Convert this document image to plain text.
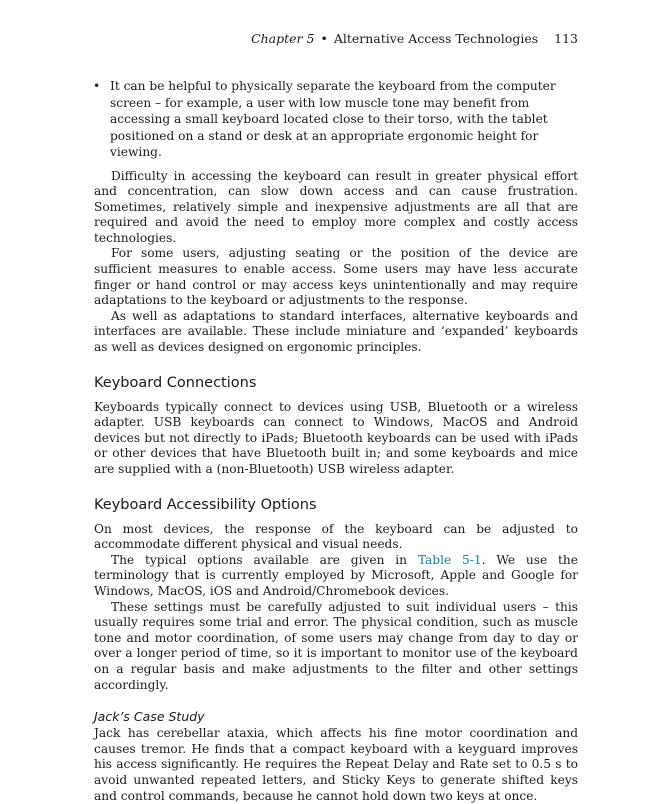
Chapter 5 • Alternative Access Technologies 113
• It can be helpful to physically separate the keyboard from the computer screen – for example, a user with low muscle tone may benefit from accessing a small keyboard located close to their torso, with the tablet positioned on a stand or desk at an appropriate ergonomic height for viewing.

Difficulty in accessing the keyboard can result in greater physical effort and concentration, can slow down access and can cause frustration. Sometimes, relatively simple and inexpensive adjustments are all that are required and avoid the need to employ more complex and costly access technologies.

For some users, adjusting seating or the position of the device are sufficient measures to enable access. Some users may have less accurate finger or hand control or may access keys unintentionally and may require adaptations to the keyboard or adjustments to the response.

As well as adaptations to standard interfaces, alternative keyboards and interfaces are available. These include miniature and ‘expanded’ keyboards as well as devices designed on ergonomic principles.

Keyboard Connections

Keyboards typically connect to devices using USB, Bluetooth or a wireless adapter. USB keyboards can connect to Windows, MacOS and Android devices but not directly to iPads; Bluetooth keyboards can be used with iPads or other devices that have Bluetooth built in; and some keyboards and mice are supplied with a (non-Bluetooth) USB wireless adapter.

Keyboard Accessibility Options

On most devices, the response of the keyboard can be adjusted to accommodate different physical and visual needs.

The typical options available are given in Table 5-1. We use the terminology that is currently employed by Microsoft, Apple and Google for Windows, MacOS, iOS and Android/Chromebook devices.

These settings must be carefully adjusted to suit individual users – this usually requires some trial and error. The physical condition, such as muscle tone and motor coordination, of some users may change from day to day or over a longer period of time, so it is important to monitor use of the keyboard on a regular basis and make adjustments to the filter and other settings accordingly.

Jack’s Case Study

Jack has cerebellar ataxia, which affects his fine motor coordination and causes tremor. He finds that a compact keyboard with a keyguard improves his access significantly. He requires the Repeat Delay and Rate set to 0.5 s to avoid unwanted repeated letters, and Sticky Keys to generate shifted keys and control commands, because he cannot hold down two keys at once.
